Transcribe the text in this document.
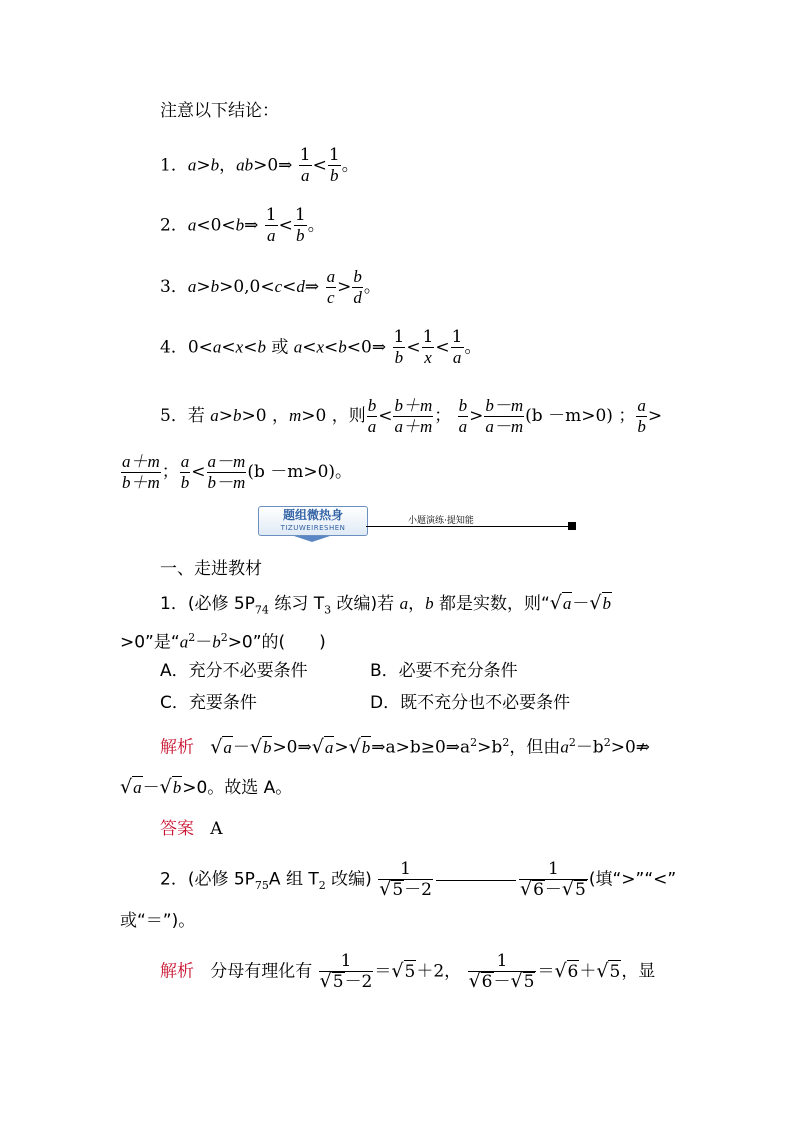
注意以下结论：
1．a>b，ab>0⇒ $\frac{1}{a} < \frac{1}{b}$ 。
2．a<0<b⇒ $\frac{1}{a} < \frac{1}{b}$ 。
3．a>b>0,0<c<d⇒ $\frac{a}{c} > \frac{b}{d}$ 。
4．0<a<x<b 或 a<x<b<0⇒ $\frac{1}{b} < \frac{1}{x} < \frac{1}{a}$ 。
5．若 a>b>0 ，m>0 ，则 $\frac{b}{a} < \frac{b+m}{a+m}$ ； $\frac{b}{a} > \frac{b-m}{a-m} (b -m>0)$ ； $\frac{a}{b}$ >
$\frac{a+m}{b+m}$ ； $\frac{a}{b} < \frac{a-m}{b-m} (b -m>0)$。
题组微热身
TIZUWEIRESHEN
小题演练·提知能
一、走进教材
1．(必修 $5P_{74}$ 练习 $T_3$ 改编)若 a，b 都是实数，则“√a－√b
>0”是“$a^2-b^2>0$”的(　　)
A．充分不必要条件	B．必要不充分条件
C．充要条件	D．既不充分也不必要条件
解析 $√a-√b>0\Rightarrow√a>√b\Rightarrow a>b\ge 0\Rightarrow a^2>b^2$，但由$a^2-b^2>0⇏$
√a－√b>0。故选 A。
答案 A
2．(必修 $5P_{75}A$ 组 $T_2$ 改编) $\frac{1}{√5-2}$	$\frac{1}{√6-√5}$ (填“>”“<”
或“＝”)。
解析 分母有理化有 $\frac{1}{√5-2} =√5+2$， $\frac{1}{√6-√5} =√6+√5$，显
